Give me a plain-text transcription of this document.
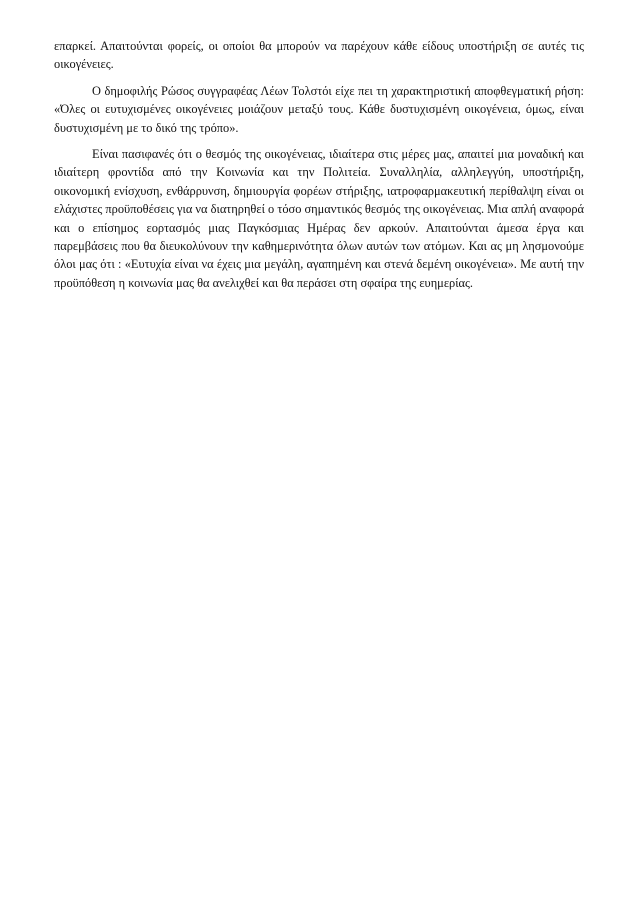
επαρκεί. Απαιτούνται φορείς, οι οποίοι θα μπορούν να παρέχουν κάθε είδους υποστήριξη σε αυτές τις οικογένειες.

Ο δημοφιλής Ρώσος συγγραφέας Λέων Τολστόι είχε πει τη χαρακτηριστική αποφθεγματική ρήση: «Όλες οι ευτυχισμένες οικογένειες μοιάζουν μεταξύ τους. Κάθε δυστυχισμένη οικογένεια, όμως, είναι δυστυχισμένη με το δικό της τρόπο».

Είναι πασιφανές ότι ο θεσμός της οικογένειας, ιδιαίτερα στις μέρες μας, απαιτεί μια μοναδική και ιδιαίτερη φροντίδα από την Κοινωνία και την Πολιτεία. Συναλληλία, αλληλεγγύη, υποστήριξη, οικονομική ενίσχυση, ενθάρρυνση, δημιουργία φορέων στήριξης, ιατροφαρμακευτική περίθαλψη είναι οι ελάχιστες προϋποθέσεις για να διατηρηθεί ο τόσο σημαντικός θεσμός της οικογένειας. Μια απλή αναφορά και ο επίσημος εορτασμός μιας Παγκόσμιας Ημέρας δεν αρκούν. Απαιτούνται άμεσα έργα και παρεμβάσεις που θα διευκολύνουν την καθημερινότητα όλων αυτών των ατόμων. Και ας μη λησμονούμε όλοι μας ότι : «Ευτυχία είναι να έχεις μια μεγάλη, αγαπημένη και στενά δεμένη οικογένεια». Με αυτή την προϋπόθεση η κοινωνία μας θα ανελιχθεί και θα περάσει στη σφαίρα της ευημερίας.
